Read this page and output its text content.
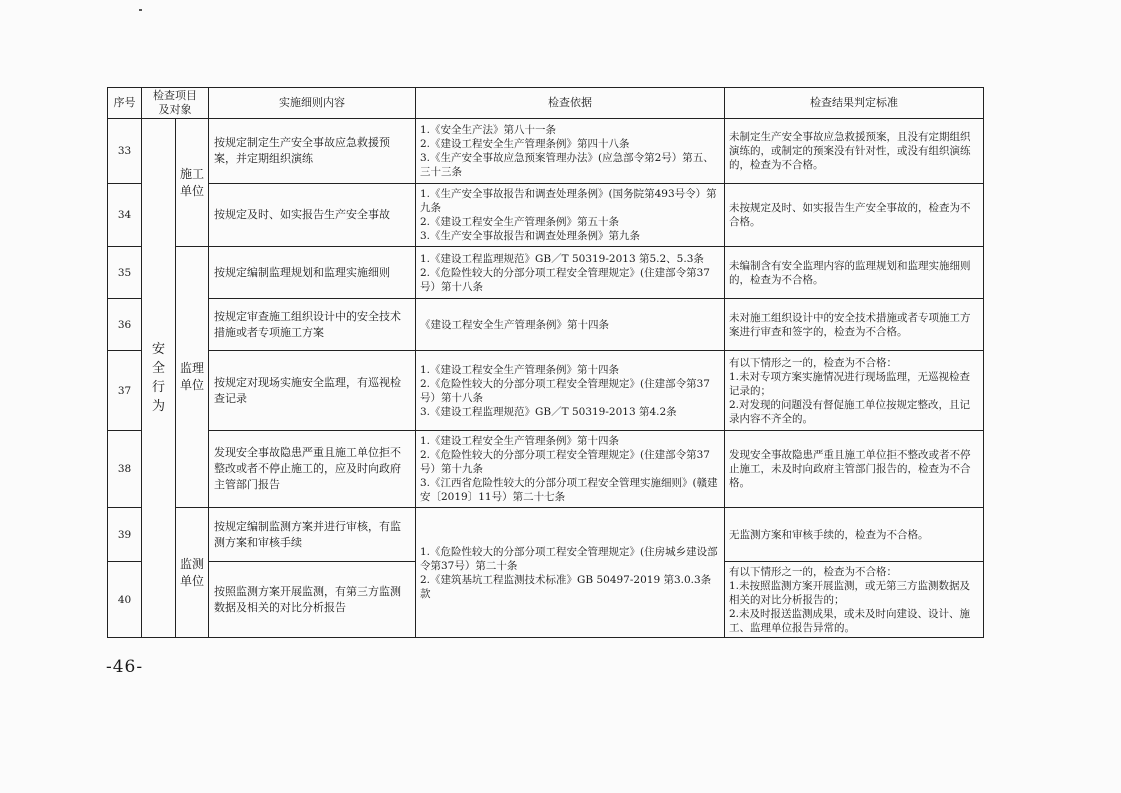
序号	检查项目
及对象		实施细则内容	检查依据	检查结果判定标准
33	安全行为	施工单位	按规定制定生产安全事故应急救援预案，并定期组织演练	1.《安全生产法》第八十一条
2.《建设工程安全生产管理条例》第四十八条
3.《生产安全事故应急预案管理办法》(应急部令第2号）第五、三十三条	未制定生产安全事故应急救援预案，且没有定期组织演练的，或制定的预案没有针对性，或没有组织演练的，检查为不合格。

34			按规定及时、如实报告生产安全事故	1.《生产安全事故报告和调查处理条例》(国务院第493号令）第九条
2.《建设工程安全生产管理条例》第五十条
3.《生产安全事故报告和调查处理条例》第九条	未按规定及时、如实报告生产安全事故的，检查为不合格。

35		监理单位	按规定编制监理规划和监理实施细则	1.《建设工程监理规范》GB／T 50319-2013 第5.2、5.3条
2.《危险性较大的分部分项工程安全管理规定》(住建部令第37号）第十八条	未编制含有安全监理内容的监理规划和监理实施细则的，检查为不合格。

36			按规定审查施工组织设计中的安全技术措施或者专项施工方案	《建设工程安全生产管理条例》第十四条	未对施工组织设计中的安全技术措施或者专项施工方案进行审查和签字的，检查为不合格。

37			按规定对现场实施安全监理，有巡视检查记录	1.《建设工程安全生产管理条例》第十四条
2.《危险性较大的分部分项工程安全管理规定》(住建部令第37号）第十八条
3.《建设工程监理规范》GB／T 50319-2013 第4.2条	有以下情形之一的，检查为不合格：
1.未对专项方案实施情况进行现场监理，无巡视检查记录的；
2.对发现的问题没有督促施工单位按规定整改，且记录内容不齐全的。

38			发现安全事故隐患严重且施工单位拒不整改或者不停止施工的，应及时向政府主管部门报告	1.《建设工程安全生产管理条例》第十四条
2.《危险性较大的分部分项工程安全管理规定》(住建部令第37号）第十九条
3.《江西省危险性较大的分部分项工程安全管理实施细则》(赣建安〔2019〕11号）第二十七条	发现安全事故隐患严重且施工单位拒不整改或者不停止施工，未及时向政府主管部门报告的，检查为不合格。

39		监测单位	按规定编制监测方案并进行审核，有监测方案和审核手续	1.《危险性较大的分部分项工程安全管理规定》(住房城乡建设部令第37号）第二十条
2.《建筑基坑工程监测技术标准》GB 50497-2019 第3.0.3条款	无监测方案和审核手续的，检查为不合格。

40			按照监测方案开展监测，有第三方监测数据及相关的对比分析报告		有以下情形之一的，检查为不合格：
1.未按照监测方案开展监测，或无第三方监测数据及相关的对比分析报告的；
2.未及时报送监测成果，或未及时向建设、设计、施工、监理单位报告异常的。
-46-
